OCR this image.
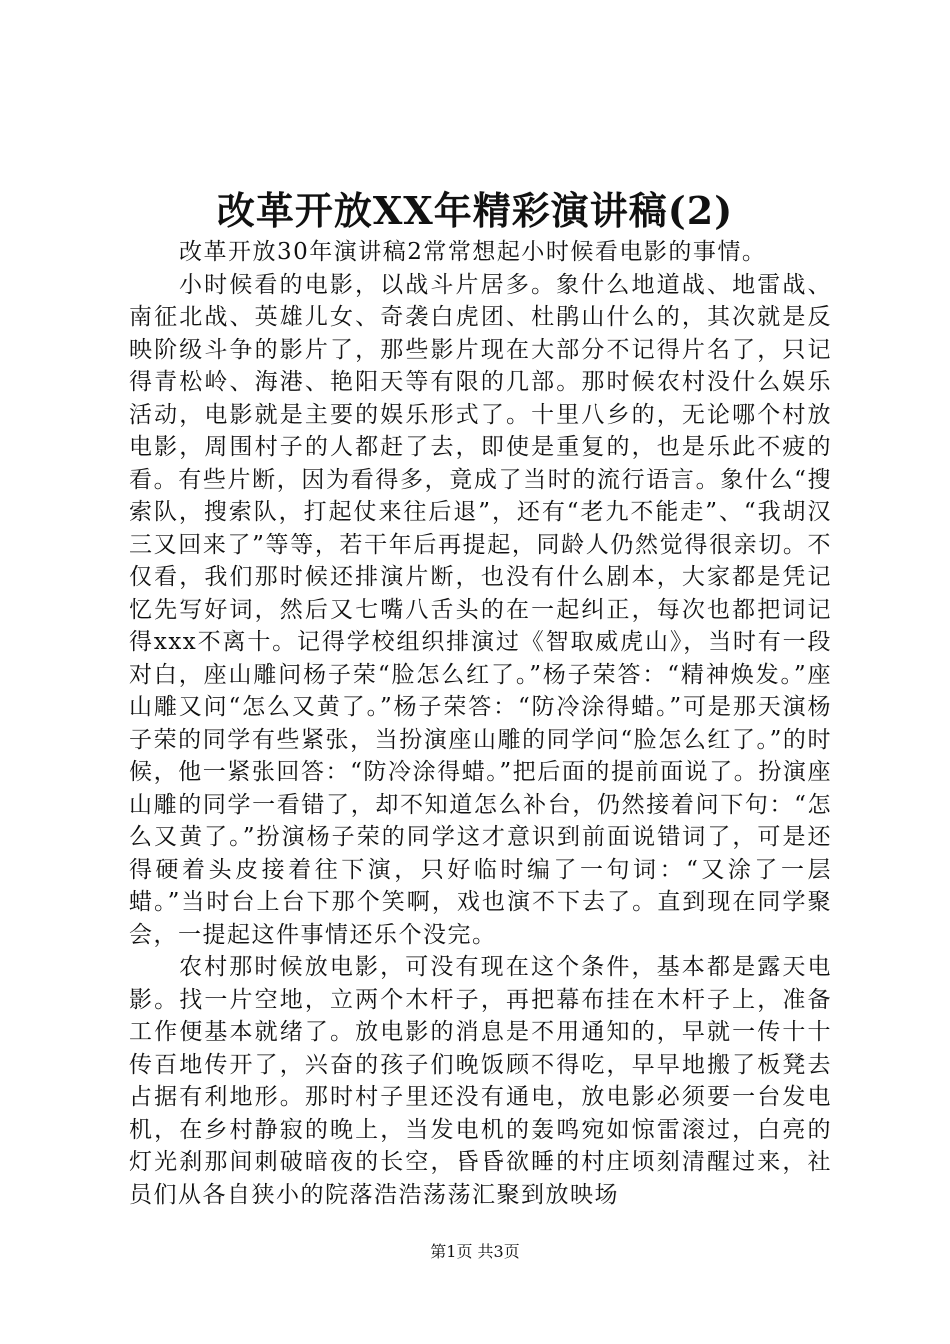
改革开放XX年精彩演讲稿(2)

改革开放30年演讲稿2常常想起小时候看电影的事情。

小时候看的电影，以战斗片居多。象什么地道战、地雷战、南征北战、英雄儿女、奇袭白虎团、杜鹃山什么的，其次就是反映阶级斗争的影片了，那些影片现在大部分不记得片名了，只记得青松岭、海港、艳阳天等有限的几部。那时候农村没什么娱乐活动，电影就是主要的娱乐形式了。十里八乡的，无论哪个村放电影，周围村子的人都赶了去，即使是重复的，也是乐此不疲的看。有些片断，因为看得多，竟成了当时的流行语言。象什么“搜索队，搜索队，打起仗来往后退”，还有“老九不能走”、“我胡汉三又回来了”等等，若干年后再提起，同龄人仍然觉得很亲切。不仅看，我们那时候还排演片断，也没有什么剧本，大家都是凭记忆先写好词，然后又七嘴八舌头的在一起纠正，每次也都把词记得xxx不离十。记得学校组织排演过《智取威虎山》，当时有一段对白，座山雕问杨子荣“脸怎么红了。”杨子荣答：“精神焕发。”座山雕又问“怎么又黄了。”杨子荣答：“防冷涂得蜡。”可是那天演杨子荣的同学有些紧张，当扮演座山雕的同学问“脸怎么红了。”的时候，他一紧张回答：“防冷涂得蜡。”把后面的提前面说了。扮演座山雕的同学一看错了，却不知道怎么补台，仍然接着问下句：“怎么又黄了。”扮演杨子荣的同学这才意识到前面说错词了，可是还得硬着头皮接着往下演，只好临时编了一句词：“又涂了一层蜡。”当时台上台下那个笑啊，戏也演不下去了。直到现在同学聚会，一提起这件事情还乐个没完。

农村那时候放电影，可没有现在这个条件，基本都是露天电影。找一片空地，立两个木杆子，再把幕布挂在木杆子上，准备工作便基本就绪了。放电影的消息是不用通知的，早就一传十十传百地传开了，兴奋的孩子们晚饭顾不得吃，早早地搬了板凳去占据有利地形。那时村子里还没有通电，放电影必须要一台发电机，在乡村静寂的晚上，当发电机的轰鸣宛如惊雷滚过，白亮的灯光刹那间刺破暗夜的长空，昏昏欲睡的村庄顷刻清醒过来，社员们从各自狭小的院落浩浩荡荡汇聚到放映场

第1页 共3页
